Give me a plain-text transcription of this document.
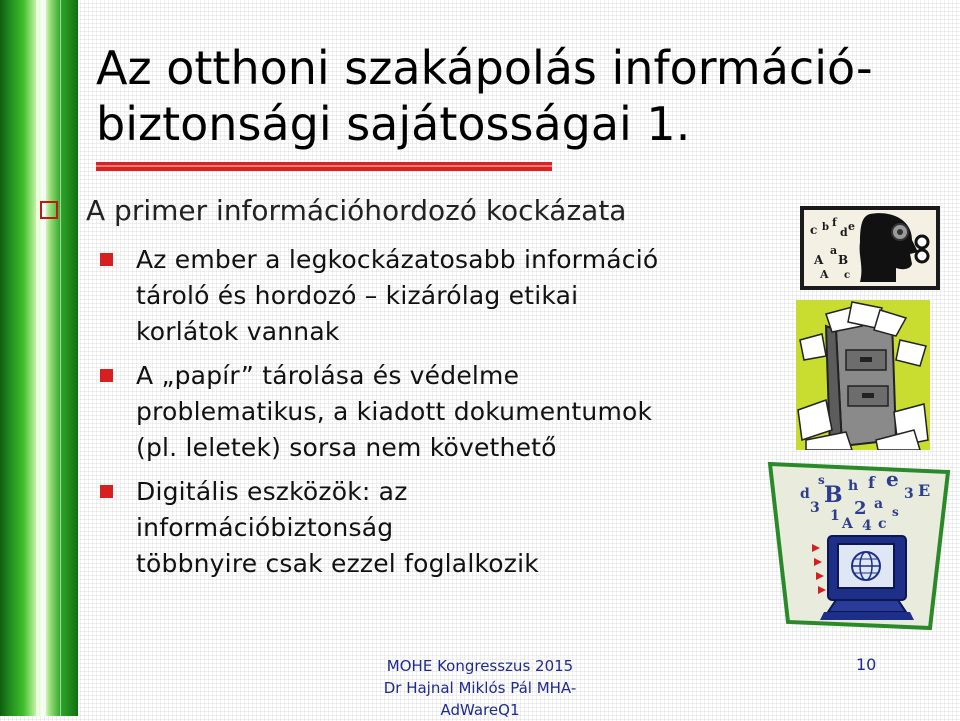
Az otthoni szakápolás információ-
biztonsági sajátosságai 1.
A primer információhordozó kockázata
Az ember a legkockázatosabb információ
tároló és hordozó – kizárólag etikai
korlátok vannak
A „papír” tárolása és védelme
problematikus, a kiadott dokumentumok
(pl. leletek) sorsa nem követhető
Digitális eszközök: az
információbiztonság
többnyire csak ezzel foglalkozik
c b f
d e
A
a
B
A c
d
s
B h f e
3 E
3 1 2 a
A 4 c
s
MOHE Kongresszus 2015
Dr Hajnal Miklós Pál MHA-
AdWareQ1
10
